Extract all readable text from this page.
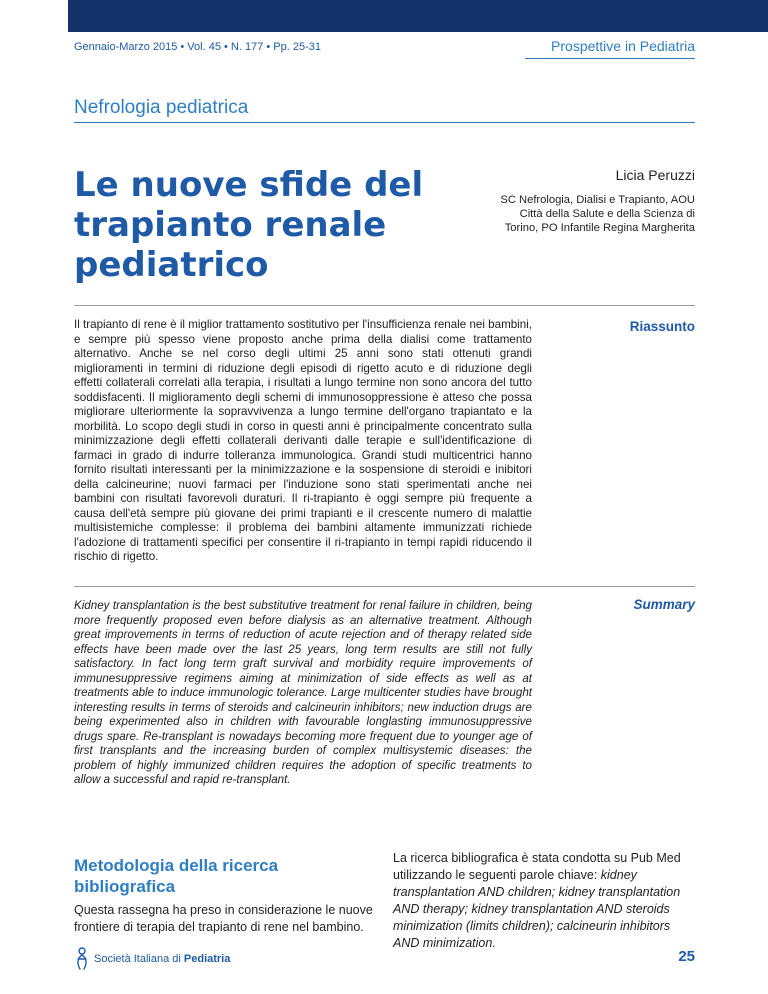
Gennaio-Marzo 2015 • Vol. 45 • N. 177 • Pp. 25-31	Prospettive in Pediatria
Nefrologia pediatrica
Le nuove sfide del trapianto renale pediatrico
Licia Peruzzi
SC Nefrologia, Dialisi e Trapianto, AOU Città della Salute e della Scienza di Torino, PO Infantile Regina Margherita

Il trapianto di rene è il miglior trattamento sostitutivo per l'insufficienza renale nei bambini, e sempre più spesso viene proposto anche prima della dialisi come trattamento alternativo. Anche se nel corso degli ultimi 25 anni sono stati ottenuti grandi miglioramenti in termini di riduzione degli episodi di rigetto acuto e di riduzione degli effetti collaterali correlati alla terapia, i risultati a lungo termine non sono ancora del tutto soddisfacenti. Il miglioramento degli schemi di immunosoppressione è atteso che possa migliorare ulteriormente la sopravvivenza a lungo termine dell'organo trapiantato e la morbilità. Lo scopo degli studi in corso in questi anni è principalmente concentrato sulla minimizzazione degli effetti collaterali derivanti dalle terapie e sull'identificazione di farmaci in grado di indurre tolleranza immunologica. Grandi studi multicentrici hanno fornito risultati interessanti per la minimizzazione e la sospensione di steroidi e inibitori della calcineurine; nuovi farmaci per l'induzione sono stati sperimentati anche nei bambini con risultati favorevoli duraturi. Il ri-trapianto è oggi sempre più frequente a causa dell'età sempre più giovane dei primi trapianti e il crescente numero di malattie multisistemiche complesse: il problema dei bambini altamente immunizzati richiede l'adozione di trattamenti specifici per consentire il ri-trapianto in tempi rapidi riducendo il rischio di rigetto.

Riassunto

Kidney transplantation is the best substitutive treatment for renal failure in children, being more frequently proposed even before dialysis as an alternative treatment. Although great improvements in terms of reduction of acute rejection and of therapy related side effects have been made over the last 25 years, long term results are still not fully satisfactory. In fact long term graft survival and morbidity require improvements of immunesuppressive regimens aiming at minimization of side effects as well as at treatments able to induce immunologic tolerance. Large multicenter studies have brought interesting results in terms of steroids and calcineurin inhibitors; new induction drugs are being experimented also in children with favourable longlasting immunosuppressive drugs spare. Re-transplant is nowadays becoming more frequent due to younger age of first transplants and the increasing burden of complex multisystemic diseases: the problem of highly immunized children requires the adoption of specific treatments to allow a successful and rapid re-transplant.

Summary
Metodologia della ricerca bibliografica

Questa rassegna ha preso in considerazione le nuove frontiere di terapia del trapianto di rene nel bambino.

La ricerca bibliografica è stata condotta su Pub Med utilizzando le seguenti parole chiave: kidney transplantation AND children; kidney transplantation AND therapy; kidney transplantation AND steroids minimization (limits children); calcineurin inhibitors AND minimization.

Società Italiana di Pediatria	25
